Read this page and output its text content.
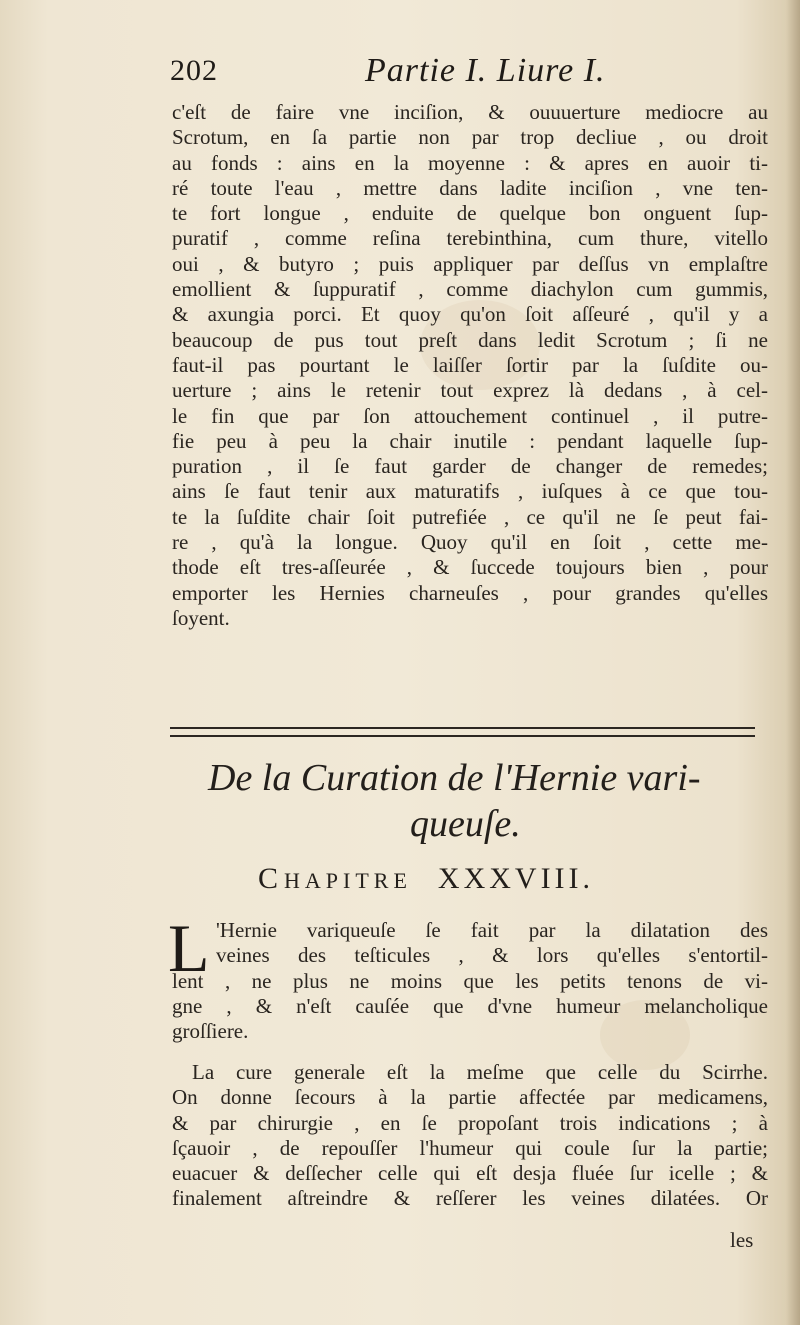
202	Partie I. Liure I.
c'eſt de faire vne inciſion, & ouuuerture mediocre au
Scrotum, en ſa partie non par trop decliue , ou droit
au fonds : ains en la moyenne : & apres en auoir ti-
ré toute l'eau , mettre dans ladite inciſion , vne ten-
te fort longue , enduite de quelque bon onguent ſup-
puratif , comme reſina terebinthina, cum thure, vitello
oui , & butyro ; puis appliquer par deſſus vn emplaſtre
emollient & ſuppuratif , comme diachylon cum gummis,
& axungia porci. Et quoy qu'on ſoit aſſeuré , qu'il y a
beaucoup de pus tout preſt dans ledit Scrotum ; ſi ne
faut-il pas pourtant le laiſſer ſortir par la ſuſdite ou-
uerture ; ains le retenir tout exprez là dedans , à cel-
le fin que par ſon attouchement continuel , il putre-
fie peu à peu la chair inutile : pendant laquelle ſup-
puration , il ſe faut garder de changer de remedes;
ains ſe faut tenir aux maturatifs , iuſques à ce que tou-
te la ſuſdite chair ſoit putrefiée , ce qu'il ne ſe peut fai-
re , qu'à la longue. Quoy qu'il en ſoit , cette me-
thode eſt tres-aſſeurée , & ſuccede toujours bien , pour
emporter les Hernies charneuſes , pour grandes qu'elles
ſoyent.
De la Curation de l'Hernie vari-
queuſe.
CHAPITRE XXXVIII.
L 'Hernie variqueuſe ſe fait par la dilatation des
veines des teſticules , & lors qu'elles s'entortil-
lent , ne plus ne moins que les petits tenons de vi-
gne , & n'eſt cauſée que d'vne humeur melancholique
groſſiere.
La cure generale eſt la meſme que celle du Scirrhe.
On donne ſecours à la partie affectée par medicamens,
& par chirurgie , en ſe propoſant trois indications ; à
ſçauoir , de repouſſer l'humeur qui coule ſur la partie;
euacuer & deſſecher celle qui eſt desja fluée ſur icelle ; &
finalement aſtreindre & reſſerer les veines dilatées. Or
les
